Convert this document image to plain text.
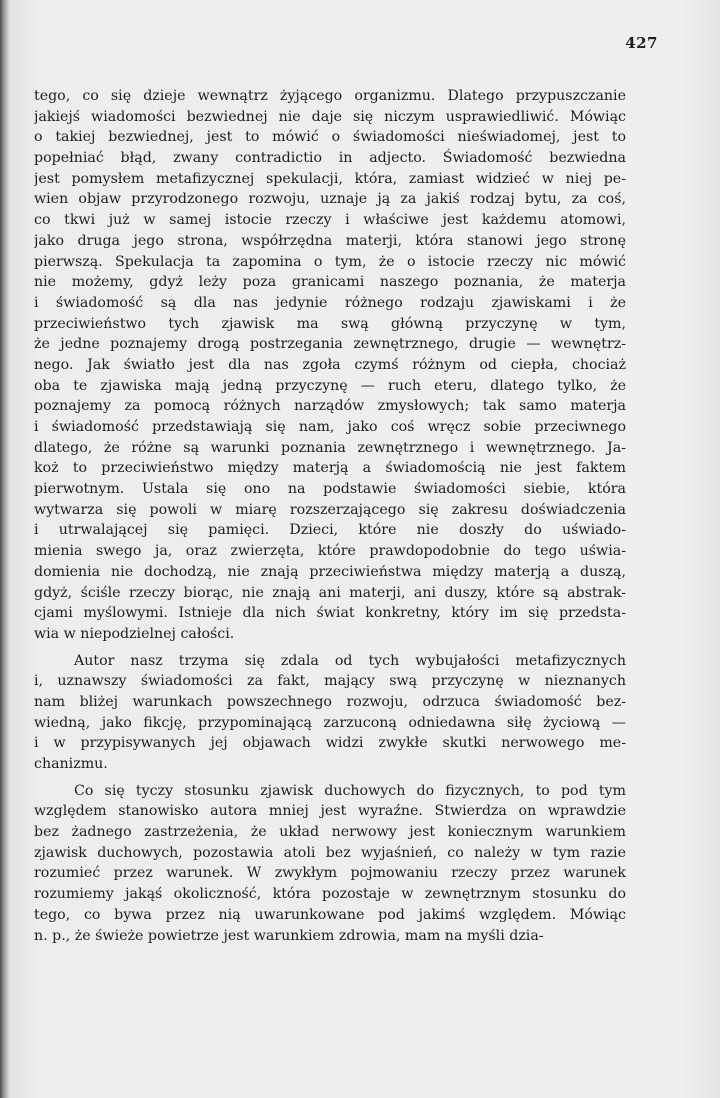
427
tego, co się dzieje wewnątrz żyjącego organizmu. Dlatego przypuszczanie
jakiejś wiadomości bezwiednej nie daje się niczym usprawiedliwić. Mówiąc
o takiej bezwiednej, jest to mówić o świadomości nieświadomej, jest to
popełniać błąd, zwany contradictio in adjecto. Świadomość bezwiedna
jest pomysłem metafizycznej spekulacji, która, zamiast widzieć w niej pe-
wien objaw przyrodzonego rozwoju, uznaje ją za jakiś rodzaj bytu, za coś,
co tkwi już w samej istocie rzeczy i właściwe jest każdemu atomowi,
jako druga jego strona, współrzędna materji, która stanowi jego stronę
pierwszą. Spekulacja ta zapomina o tym, że o istocie rzeczy nic mówić
nie możemy, gdyż leży poza granicami naszego poznania, że materja
i świadomość są dla nas jedynie różnego rodzaju zjawiskami i że
przeciwieństwo tych zjawisk ma swą główną przyczynę w tym,
że jedne poznajemy drogą postrzegania zewnętrznego, drugie — wewnętrz-
nego. Jak światło jest dla nas zgoła czymś różnym od ciepła, chociaż
oba te zjawiska mają jedną przyczynę — ruch eteru, dlatego tylko, że
poznajemy za pomocą różnych narządów zmysłowych; tak samo materja
i świadomość przedstawiają się nam, jako coś wręcz sobie przeciwnego
dlatego, że różne są warunki poznania zewnętrznego i wewnętrznego. Ja-
koż to przeciwieństwo między materją a świadomością nie jest faktem
pierwotnym. Ustala się ono na podstawie świadomości siebie, która
wytwarza się powoli w miarę rozszerzającego się zakresu doświadczenia
i utrwalającej się pamięci. Dzieci, które nie doszły do uświado-
mienia swego ja, oraz zwierzęta, które prawdopodobnie do tego uświa-
domienia nie dochodzą, nie znają przeciwieństwa między materją a duszą,
gdyż, ściśle rzeczy biorąc, nie znają ani materji, ani duszy, które są abstrak-
cjami myślowymi. Istnieje dla nich świat konkretny, który im się przedsta-
wia w niepodzielnej całości.
Autor nasz trzyma się zdala od tych wybujałości metafizycznych
i, uznawszy świadomości za fakt, mający swą przyczynę w nieznanych
nam bliżej warunkach powszechnego rozwoju, odrzuca świadomość bez-
wiedną, jako fikcję, przypominającą zarzuconą odniedawna siłę życiową —
i w przypisywanych jej objawach widzi zwykłe skutki nerwowego me-
chanizmu.
Co się tyczy stosunku zjawisk duchowych do fizycznych, to pod tym
względem stanowisko autora mniej jest wyraźne. Stwierdza on wprawdzie
bez żadnego zastrzeżenia, że układ nerwowy jest koniecznym warunkiem
zjawisk duchowych, pozostawia atoli bez wyjaśnień, co należy w tym razie
rozumieć przez warunek. W zwykłym pojmowaniu rzeczy przez warunek
rozumiemy jakąś okoliczność, która pozostaje w zewnętrznym stosunku do
tego, co bywa przez nią uwarunkowane pod jakimś względem. Mówiąc
n. p., że świeże powietrze jest warunkiem zdrowia, mam na myśli dzia-
